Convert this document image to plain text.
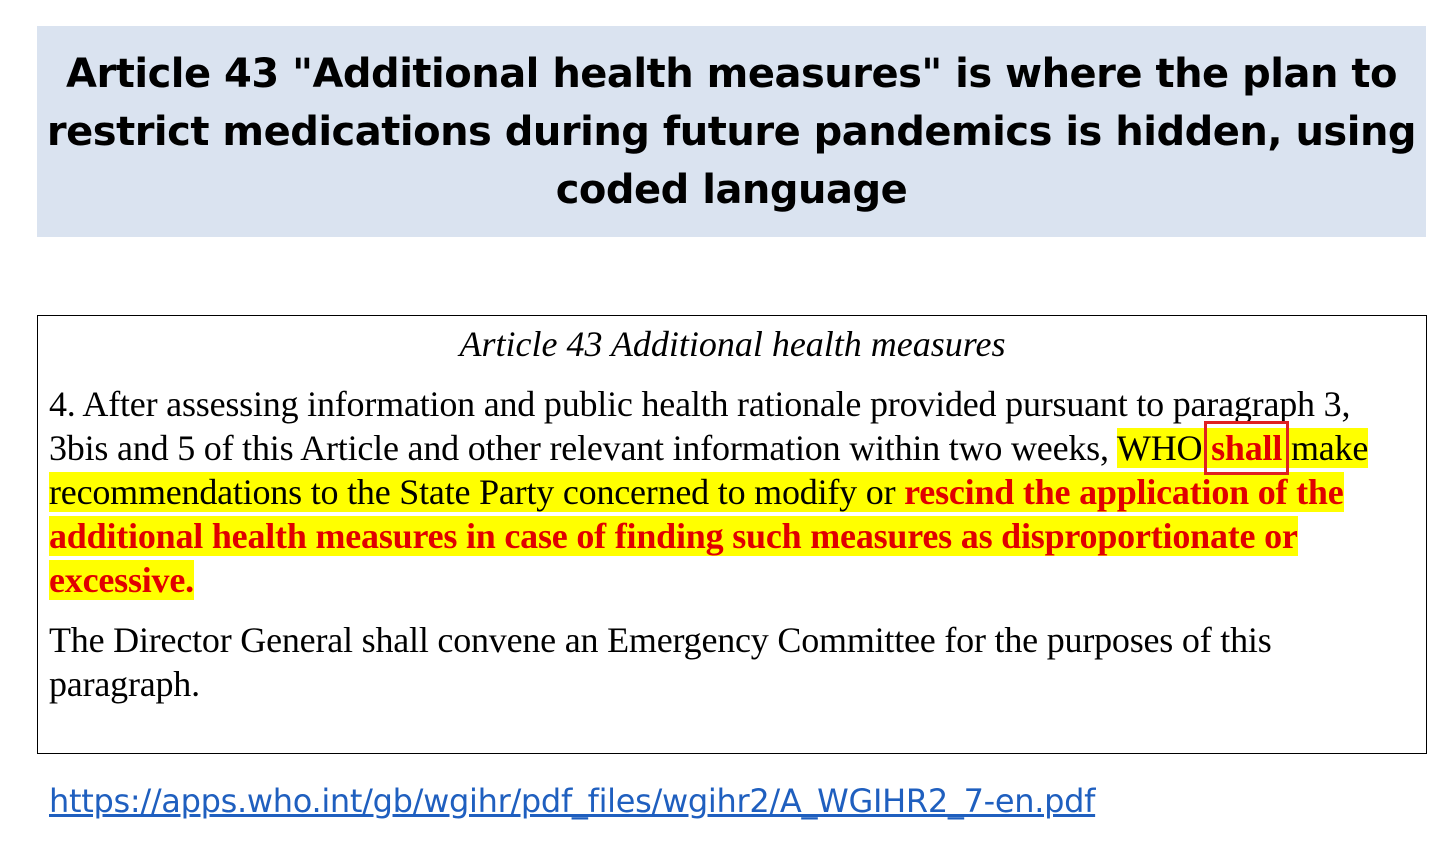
Article 43 "Additional health measures" is where the plan to restrict medications during future pandemics is hidden, using coded language

Article 43 Additional health measures

4. After assessing information and public health rationale provided pursuant to paragraph 3, 3bis and 5 of this Article and other relevant information within two weeks, WHO shall make recommendations to the State Party concerned to modify or rescind the application of the additional health measures in case of finding such measures as disproportionate or excessive.

The Director General shall convene an Emergency Committee for the purposes of this paragraph.

https://apps.who.int/gb/wgihr/pdf_files/wgihr2/A_WGIHR2_7-en.pdf
